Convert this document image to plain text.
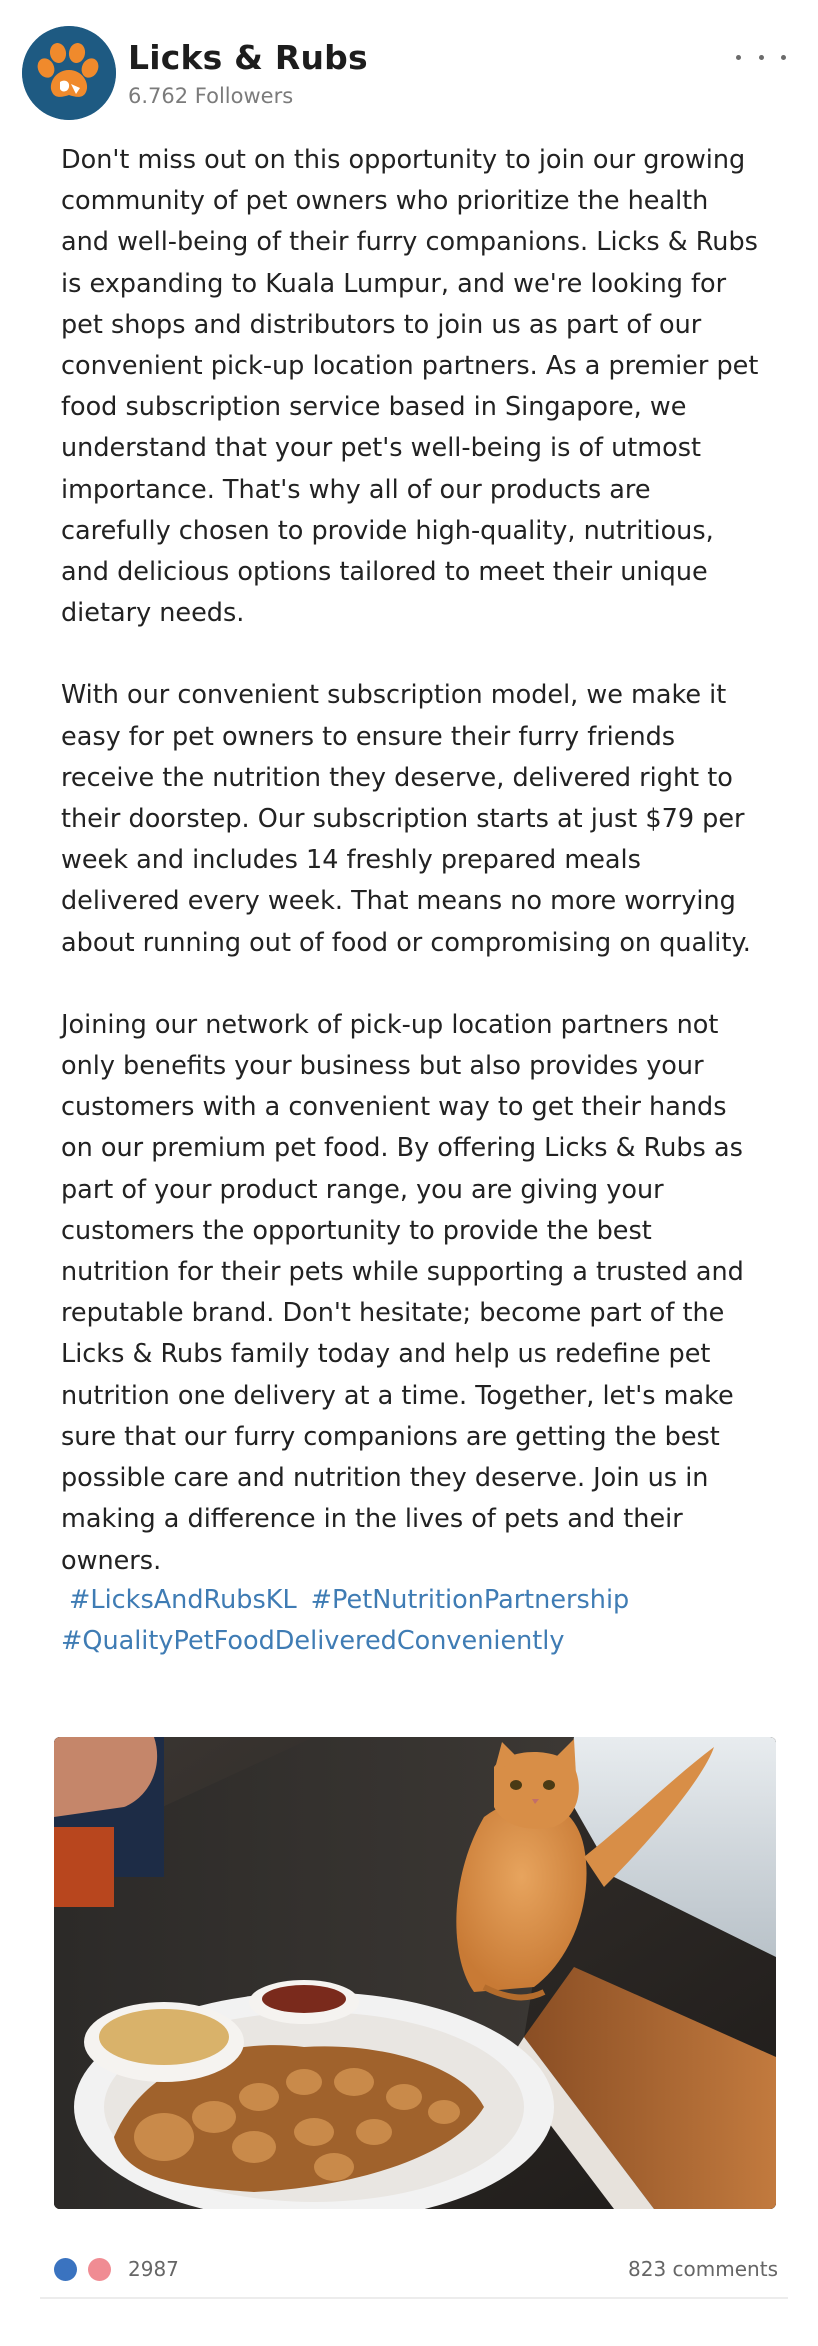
Licks & Rubs
6.762 Followers

Don't miss out on this opportunity to join our growing community of pet owners who prioritize the health and well-being of their furry companions. Licks & Rubs is expanding to Kuala Lumpur, and we're looking for pet shops and distributors to join us as part of our convenient pick-up location partners. As a premier pet food subscription service based in Singapore, we understand that your pet's well-being is of utmost importance. That's why all of our products are carefully chosen to provide high-quality, nutritious, and delicious options tailored to meet their unique dietary needs.

With our convenient subscription model, we make it easy for pet owners to ensure their furry friends receive the nutrition they deserve, delivered right to their doorstep. Our subscription starts at just $79 per week and includes 14 freshly prepared meals delivered every week. That means no more worrying about running out of food or compromising on quality.

Joining our network of pick-up location partners not only benefits your business but also provides your customers with a convenient way to get their hands on our premium pet food. By offering Licks & Rubs as part of your product range, you are giving your customers the opportunity to provide the best nutrition for their pets while supporting a trusted and reputable brand. Don't hesitate; become part of the Licks & Rubs family today and help us redefine pet nutrition one delivery at a time. Together, let's make sure that our furry companions are getting the best possible care and nutrition they deserve. Join us in making a difference in the lives of pets and their owners.

#LicksAndRubsKL #PetNutritionPartnership
#QualityPetFoodDeliveredConveniently
2987	823 comments
